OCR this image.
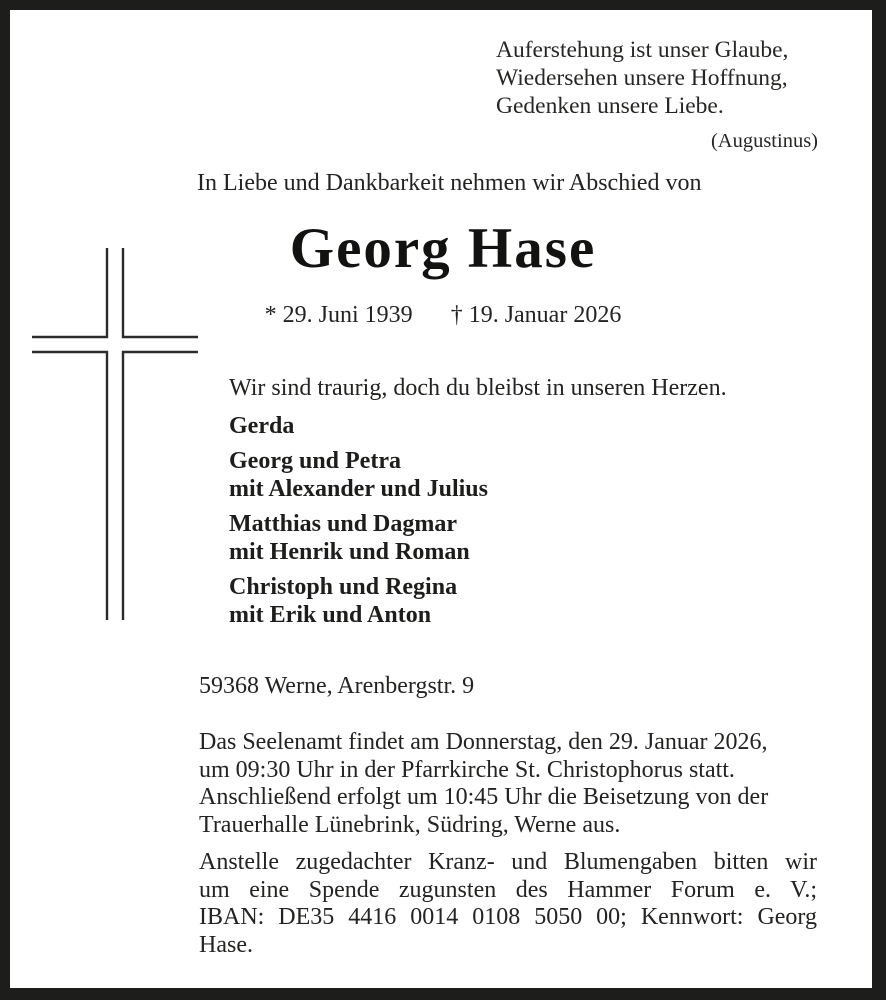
Auferstehung ist unser Glaube,
Wiedersehen unsere Hoffnung,
Gedenken unsere Liebe.
(Augustinus)
In Liebe und Dankbarkeit nehmen wir Abschied von
Georg Hase
* 29. Juni 1939 † 19. Januar 2026
Wir sind traurig, doch du bleibst in unseren Herzen.
Gerda
Georg und Petra
mit Alexander und Julius
Matthias und Dagmar
mit Henrik und Roman
Christoph und Regina
mit Erik und Anton
59368 Werne, Arenbergstr. 9
Das Seelenamt findet am Donnerstag, den 29. Januar 2026,
um 09:30 Uhr in der Pfarrkirche St. Christophorus statt.
Anschließend erfolgt um 10:45 Uhr die Beisetzung von der
Trauerhalle Lünebrink, Südring, Werne aus.
Anstelle zugedachter Kranz- und Blumengaben bitten wir
um eine Spende zugunsten des Hammer Forum e. V.;
IBAN: DE35 4416 0014 0108 5050 00; Kennwort: Georg
Hase.
